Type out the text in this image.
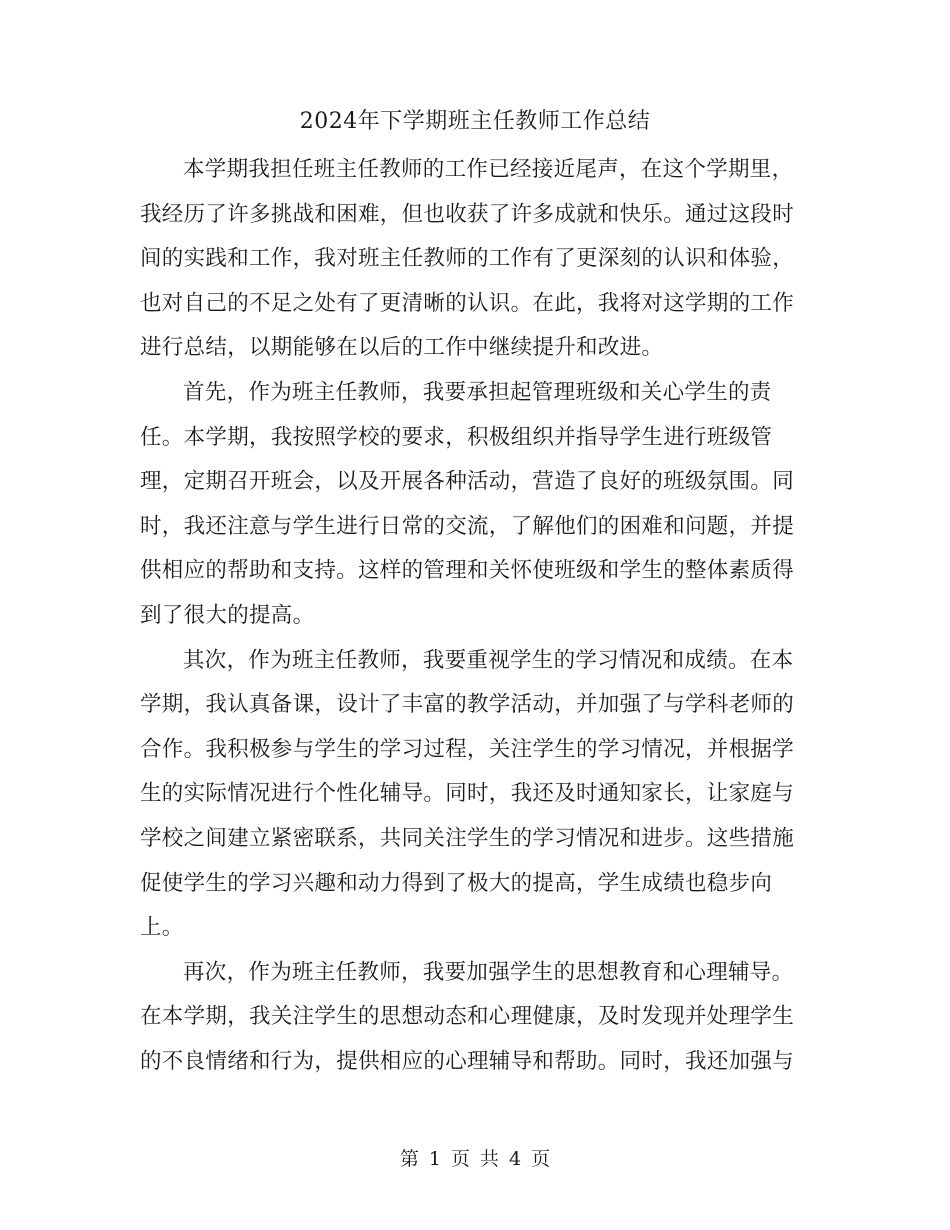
2024年下学期班主任教师工作总结

本学期我担任班主任教师的工作已经接近尾声，在这个学期里，
我经历了许多挑战和困难，但也收获了许多成就和快乐。通过这段时
间的实践和工作，我对班主任教师的工作有了更深刻的认识和体验，
也对自己的不足之处有了更清晰的认识。在此，我将对这学期的工作
进行总结，以期能够在以后的工作中继续提升和改进。

首先，作为班主任教师，我要承担起管理班级和关心学生的责
任。本学期，我按照学校的要求，积极组织并指导学生进行班级管
理，定期召开班会，以及开展各种活动，营造了良好的班级氛围。同
时，我还注意与学生进行日常的交流，了解他们的困难和问题，并提
供相应的帮助和支持。这样的管理和关怀使班级和学生的整体素质得
到了很大的提高。

其次，作为班主任教师，我要重视学生的学习情况和成绩。在本
学期，我认真备课，设计了丰富的教学活动，并加强了与学科老师的
合作。我积极参与学生的学习过程，关注学生的学习情况，并根据学
生的实际情况进行个性化辅导。同时，我还及时通知家长，让家庭与
学校之间建立紧密联系，共同关注学生的学习情况和进步。这些措施
促使学生的学习兴趣和动力得到了极大的提高，学生成绩也稳步向
上。

再次，作为班主任教师，我要加强学生的思想教育和心理辅导。
在本学期，我关注学生的思想动态和心理健康，及时发现并处理学生
的不良情绪和行为，提供相应的心理辅导和帮助。同时，我还加强与

第 1 页 共 4 页
